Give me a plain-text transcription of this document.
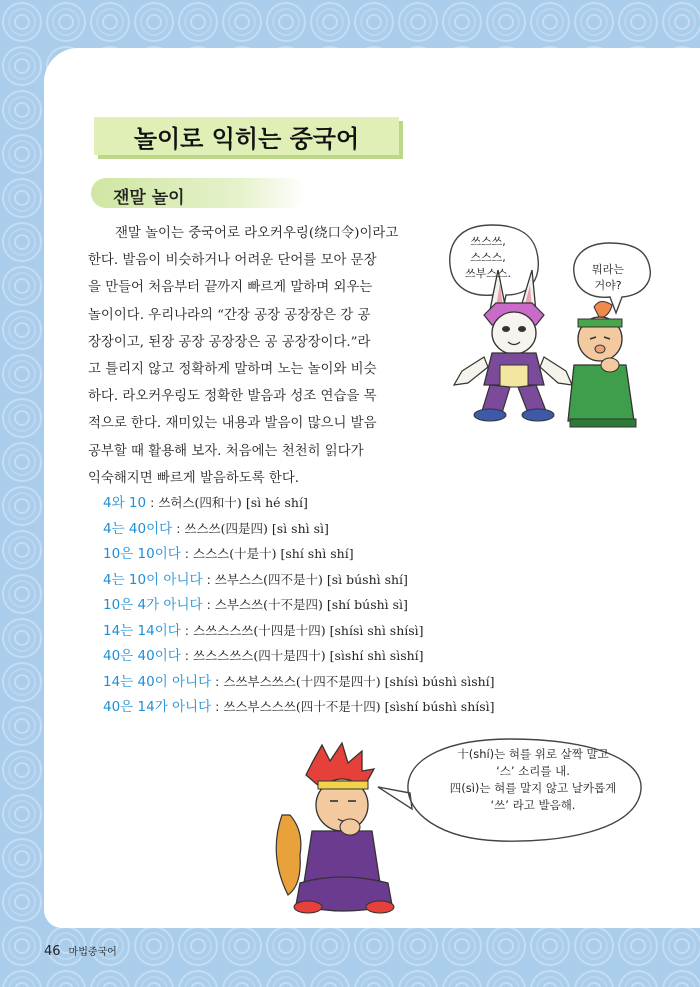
놀이로 익히는 중국어
잰말 놀이
잰말 놀이는 중국어로 라오커우링(绕口令)이라고
한다. 발음이 비슷하거나 어려운 단어를 모아 문장
을 만들어 처음부터 끝까지 빠르게 말하며 외우는
놀이이다. 우리나라의 “간장 공장 공장장은 강 공
장장이고, 된장 공장 공장장은 공 공장장이다.”라
고 틀리지 않고 정확하게 말하며 노는 놀이와 비슷
하다. 라오커우링도 정확한 발음과 성조 연습을 목
적으로 한다. 재미있는 내용과 발음이 많으니 발음
공부할 때 활용해 보자. 처음에는 천천히 읽다가
익숙해지면 빠르게 발음하도록 한다.
4와 10 : 쓰허스(四和十) [sì hé shí]
4는 40이다 : 쓰스쓰(四是四) [sì shì sì]
10은 10이다 : 스스스(十是十) [shí shì shí]
4는 10이 아니다 : 쓰부스스(四不是十) [sì búshì shí]
10은 4가 아니다 : 스부스쓰(十不是四) [shí búshì sì]
14는 14이다 : 스쓰스스쓰(十四是十四) [shísì shì shísì]
40은 40이다 : 쓰스스쓰스(四十是四十) [sìshí shì sìshí]
14는 40이 아니다 : 스쓰부스쓰스(十四不是四十) [shísì búshì sìshí]
40은 14가 아니다 : 쓰스부스스쓰(四十不是十四) [sìshí búshì shísì]
쓰스쓰,
스스스,
쓰부스스.	뭐라는
거야?
十(shí)는 혀를 위로 살짝 말고
‘스’ 소리를 내.
四(sì)는 혀를 말지 않고 날카롭게
‘쓰’ 라고 발음해.
46 마법중국어
